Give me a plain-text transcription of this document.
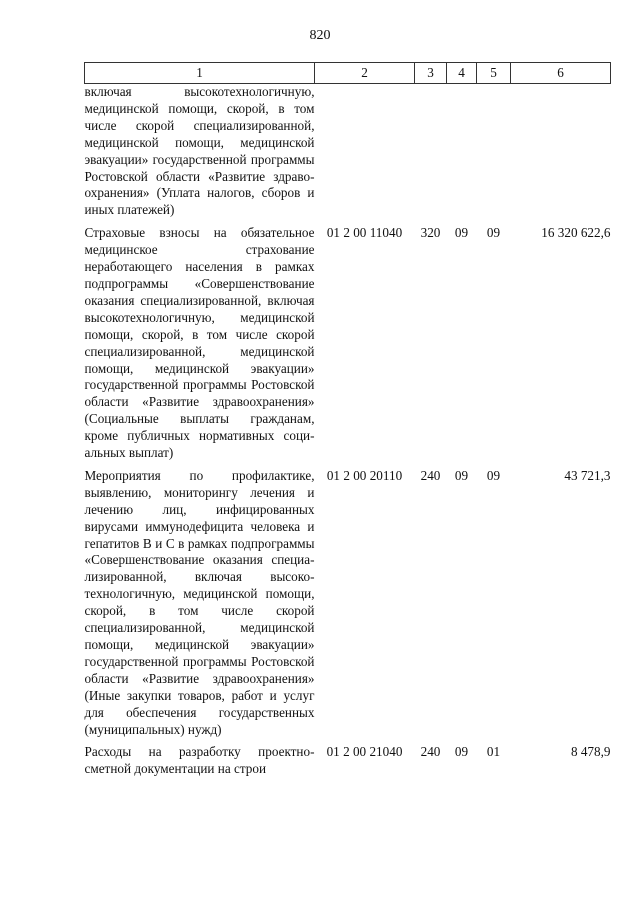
820
1	2	3	4	5	6
включая высокотехнологичную, медицинской помощи, скорой, в том числе скорой специализированной, медицинской помощи, медицинской эвакуации» государственной программы Ростовской области «Развитие здравоохранения» (Уплата налогов, сборов и иных платежей)					

Страховые взносы на обязательное медицинское страхование неработающего населения в рамках подпрограммы «Совершенствование оказания специализированной, включая высокотехнологичную, медицинской помощи, скорой, в том числе скорой специализированной, медицинской помощи, медицинской эвакуации» государственной программы Ростовской области «Развитие здравоохранения» (Социальные выплаты гражданам, кроме публичных нормативных социальных выплат)	01 2 00 11040	320	09	09	16 320 622,6

Мероприятия по профилактике, выявлению, мониторингу лечения и лечению лиц, инфицированных вирусами иммунодефицита человека и гепатитов B и C в рамках подпрограммы «Совершенствование оказания специализированной, включая высокотехнологичную, медицинской помощи, скорой, в том числе скорой специализированной, медицинской помощи, медицинской эвакуации» государственной программы Ростовской области «Развитие здравоохранения» (Иные закупки товаров, работ и услуг для обеспечения государственных (муниципальных) нужд)	01 2 00 20110	240	09	09	43 721,3

Расходы на разработку проектносметной документации на строи	01 2 00 21040	240	09	01	8 478,9
